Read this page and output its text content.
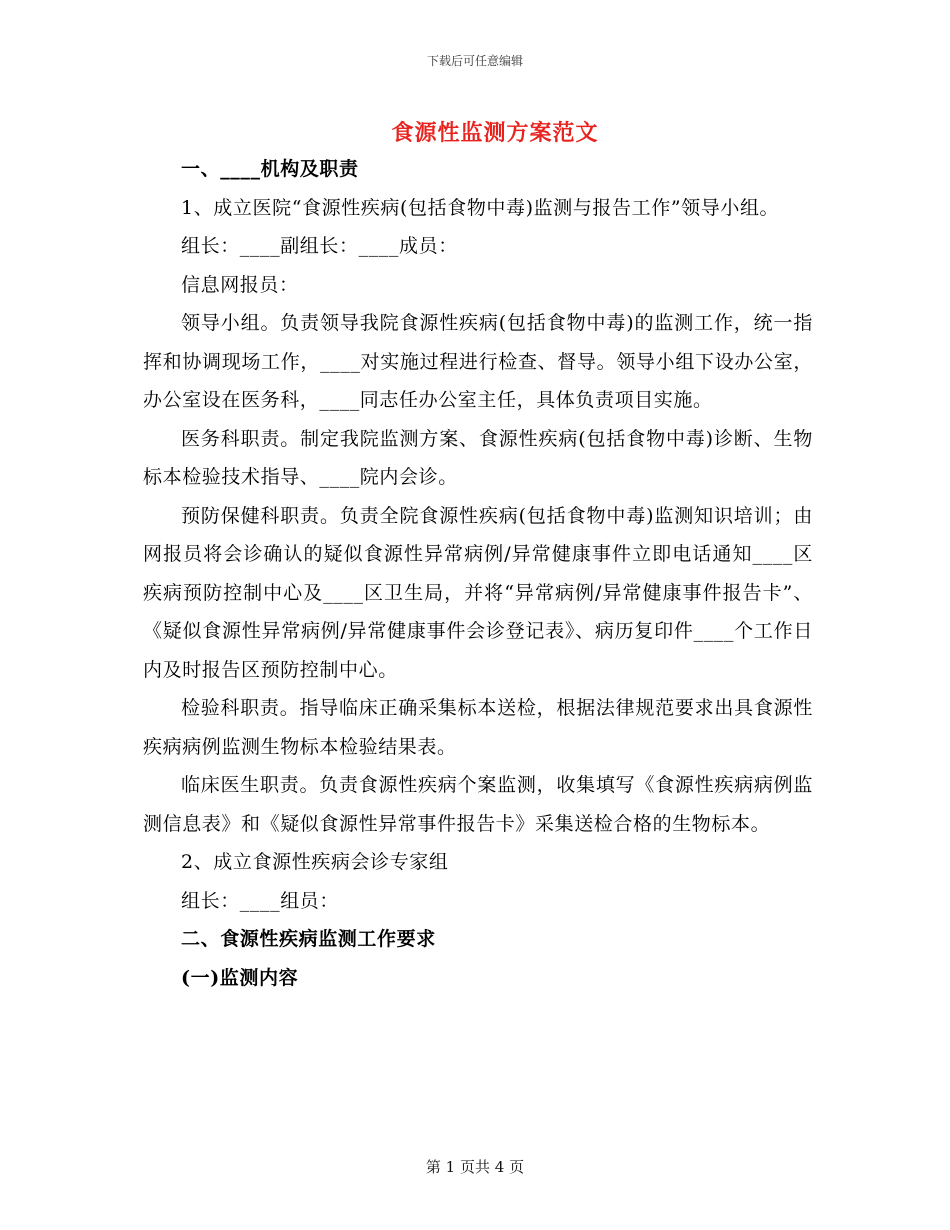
下载后可任意编辑
食源性监测方案范文

一、____机构及职责

1、成立医院“食源性疾病(包括食物中毒)监测与报告工作”领导小组。

组长：____副组长：____成员：

信息网报员：

领导小组。负责领导我院食源性疾病(包括食物中毒)的监测工作，统一指挥和协调现场工作，____对实施过程进行检查、督导。领导小组下设办公室，办公室设在医务科，____同志任办公室主任，具体负责项目实施。

医务科职责。制定我院监测方案、食源性疾病(包括食物中毒)诊断、生物标本检验技术指导、____院内会诊。

预防保健科职责。负责全院食源性疾病(包括食物中毒)监测知识培训；由网报员将会诊确认的疑似食源性异常病例/异常健康事件立即电话通知____区疾病预防控制中心及____区卫生局，并将“异常病例/异常健康事件报告卡”、《疑似食源性异常病例/异常健康事件会诊登记表》、病历复印件____个工作日内及时报告区预防控制中心。

检验科职责。指导临床正确采集标本送检，根据法律规范要求出具食源性疾病病例监测生物标本检验结果表。

临床医生职责。负责食源性疾病个案监测，收集填写《食源性疾病病例监测信息表》和《疑似食源性异常事件报告卡》采集送检合格的生物标本。

2、成立食源性疾病会诊专家组

组长：____组员：

二、食源性疾病监测工作要求

(一)监测内容

第 1 页共 4 页
